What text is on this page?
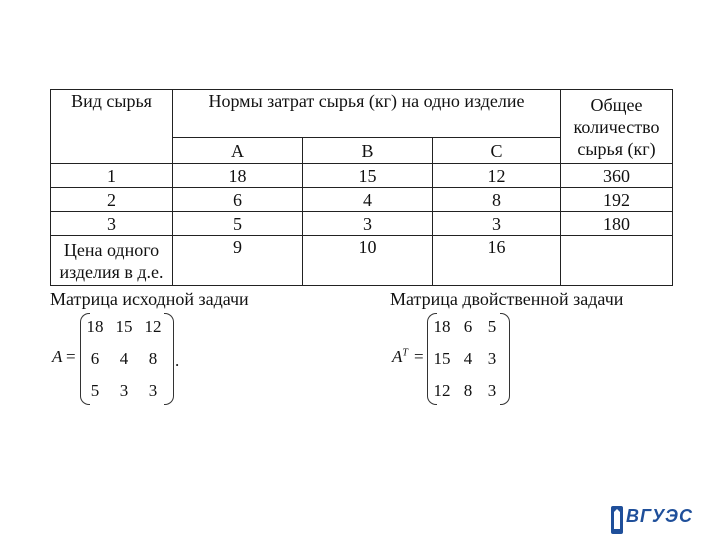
Вид сырья	Нормы затрат сырья (кг) на одно изделие			Общее количество сырья (кг)
	A	B	C	
1	18	15	12	360
2	6	4	8	192
3	5	3	3	180
Цена одного изделия в д.е.	9	10	16	
Матрица исходной задачи	Матрица двойственной задачи
A =
18 15 12
6	4	8
5	3	3
.	$A^T$ =
18 6 5
15 4 3
12 8 3
ВГУЭС
